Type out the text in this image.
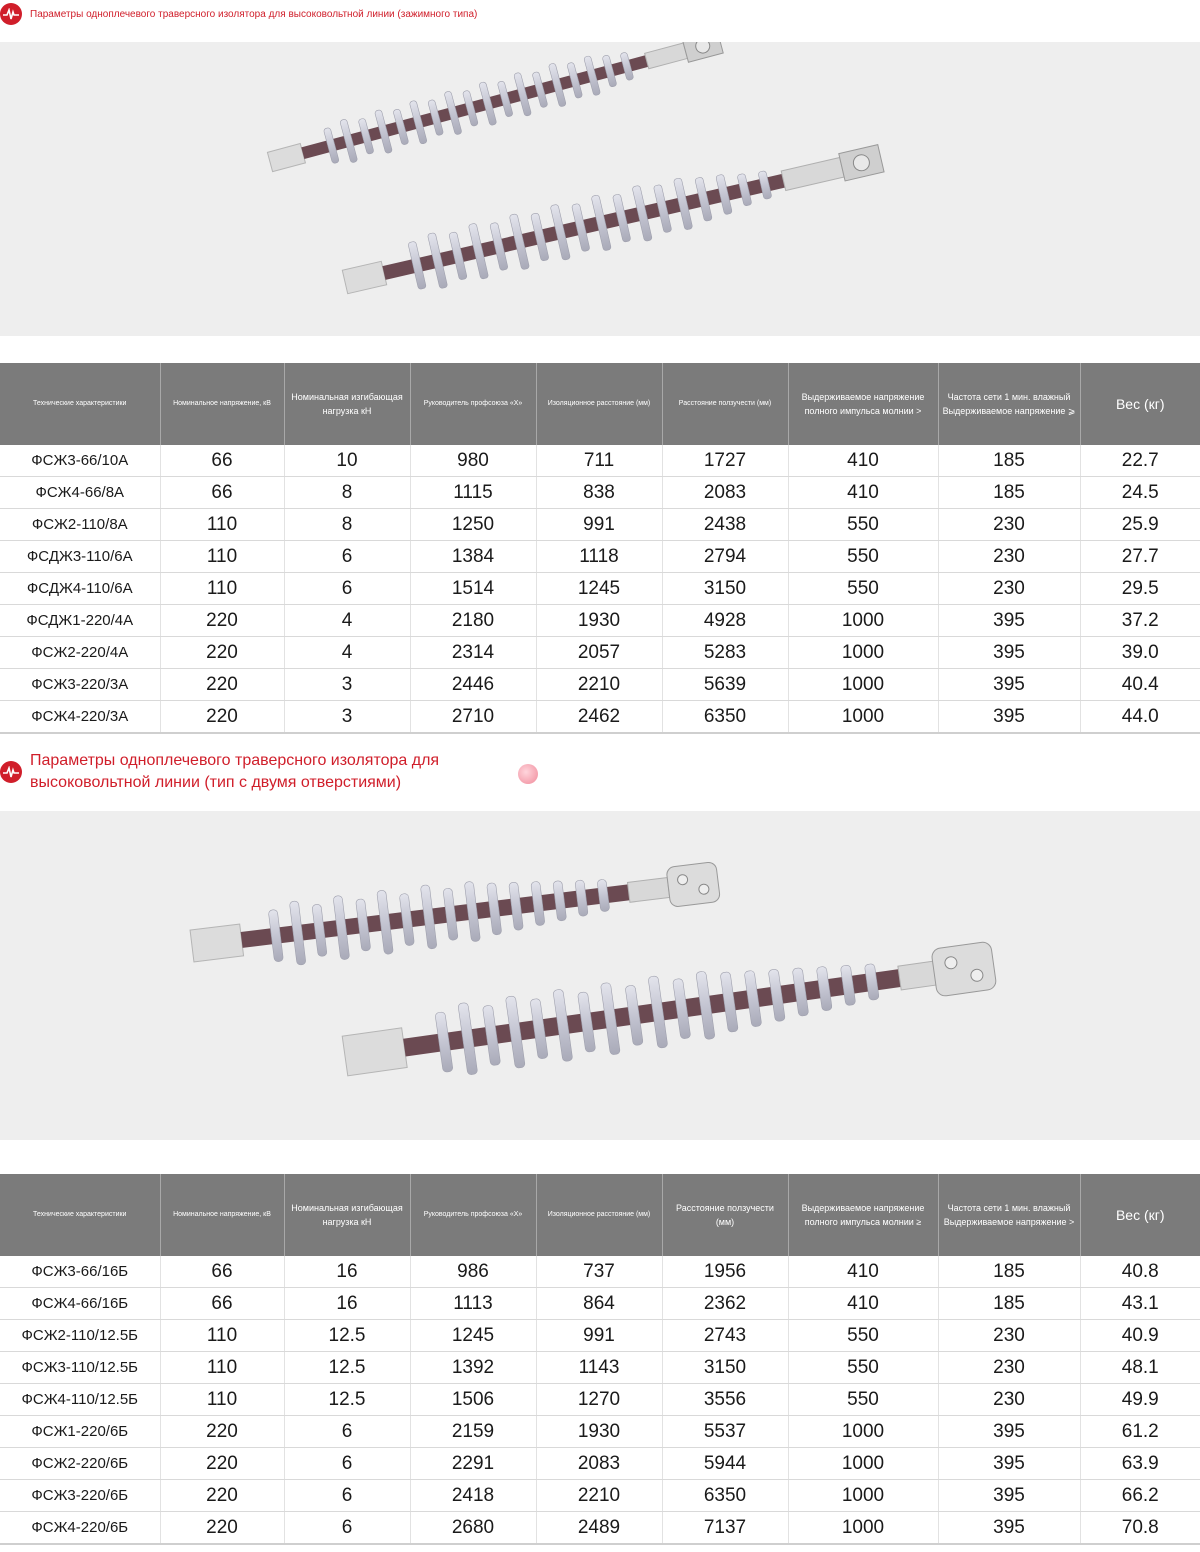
Параметры одноплечевого траверсного изолятора для высоковольтной линии (зажимного типа)
Технические характеристики	Номинальное напряжение, кВ	Номинальная изгибающая нагрузка кН	Руководитель профсоюза «Х»	Изоляционное расстояние (мм)	Расстояние ползучести (мм)	Выдерживаемое напряжение полного импульса молнии >	Частота сети 1 мин. влажный Выдерживаемое напряжение ⩾	Вес (кг)
ФСЖ3-66/10А	66	10	980	711	1727	410	185	22.7
ФСЖ4-66/8А	66	8	1115	838	2083	410	185	24.5
ФСЖ2-110/8А	110	8	1250	991	2438	550	230	25.9
ФСДЖ3-110/6А	110	6	1384	1118	2794	550	230	27.7
ФСДЖ4-110/6А	110	6	1514	1245	3150	550	230	29.5
ФСДЖ1-220/4А	220	4	2180	1930	4928	1000	395	37.2
ФСЖ2-220/4А	220	4	2314	2057	5283	1000	395	39.0
ФСЖ3-220/3А	220	3	2446	2210	5639	1000	395	40.4
ФСЖ4-220/3А	220	3	2710	2462	6350	1000	395	44.0
Параметры одноплечевого траверсного изолятора для высоковольтной линии (тип с двумя отверстиями)
Технические характеристики	Номинальное напряжение, кВ	Номинальная изгибающая нагрузка кН	Руководитель профсоюза «Х»	Изоляционное расстояние (мм)	Расстояние ползучести (мм)	Выдерживаемое напряжение полного импульса молнии ≥	Частота сети 1 мин. влажный Выдерживаемое напряжение >	Вес (кг)
ФСЖ3-66/16Б	66	16	986	737	1956	410	185	40.8
ФСЖ4-66/16Б	66	16	1113	864	2362	410	185	43.1
ФСЖ2-110/12.5Б	110	12.5	1245	991	2743	550	230	40.9
ФСЖ3-110/12.5Б	110	12.5	1392	1143	3150	550	230	48.1
ФСЖ4-110/12.5Б	110	12.5	1506	1270	3556	550	230	49.9
ФСЖ1-220/6Б	220	6	2159	1930	5537	1000	395	61.2
ФСЖ2-220/6Б	220	6	2291	2083	5944	1000	395	63.9
ФСЖ3-220/6Б	220	6	2418	2210	6350	1000	395	66.2
ФСЖ4-220/6Б	220	6	2680	2489	7137	1000	395	70.8
